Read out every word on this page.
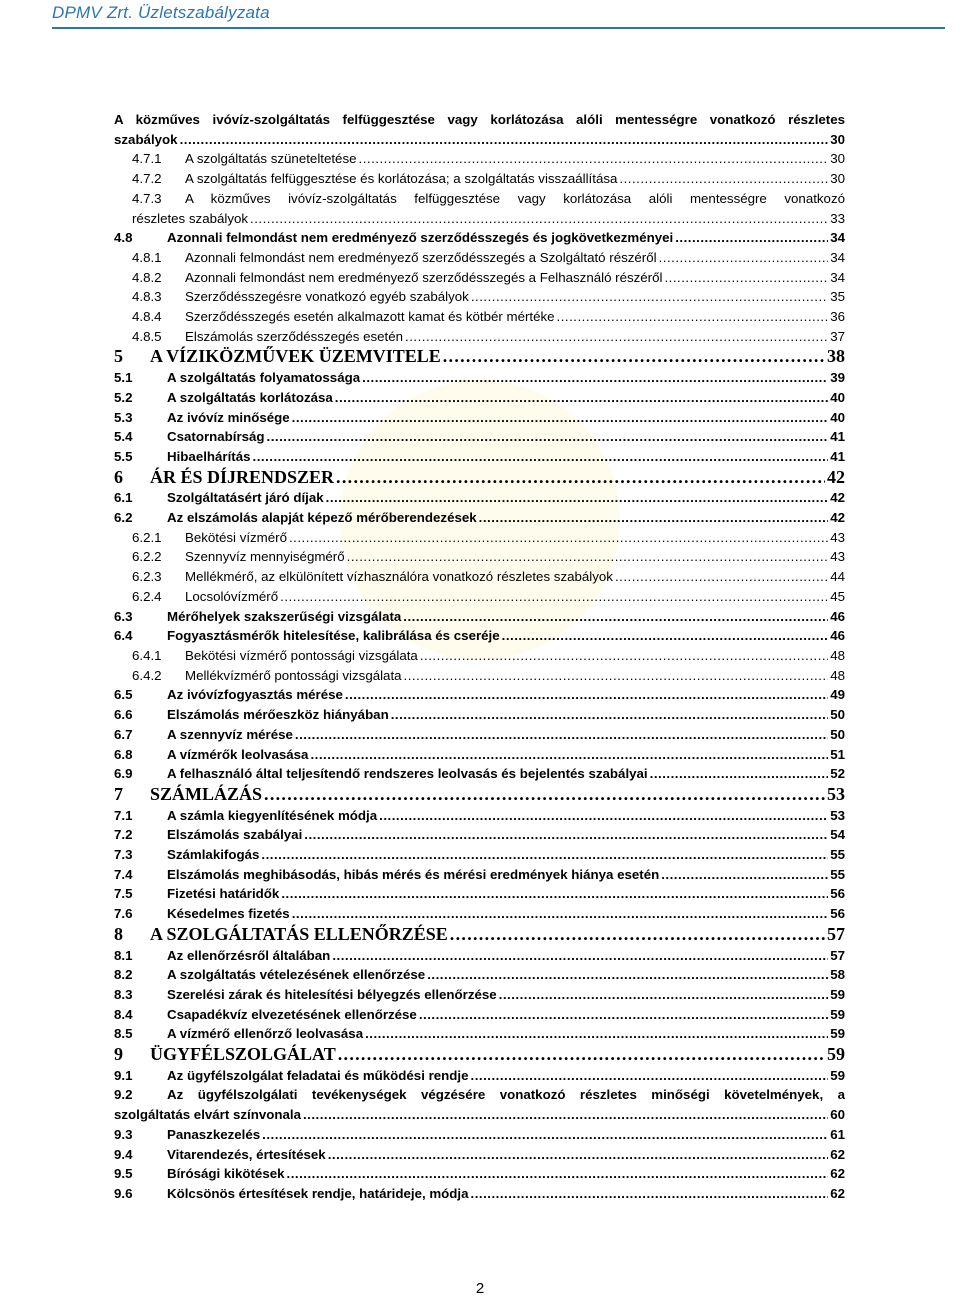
DPMV Zrt. Üzletszabályzata
A közműves ivóvíz-szolgáltatás felfüggesztése vagy korlátozása alóli mentességre vonatkozó részletes
szabályok . . .	30
4.7.1	A szolgáltatás szüneteltetése . . .	30
4.7.2	A szolgáltatás felfüggesztése és korlátozása; a szolgáltatás visszaállítása . . .	30
4.7.3	A közműves ivóvíz-szolgáltatás felfüggesztése vagy korlátozása alóli mentességre vonatkozó
részletes szabályok . . .	33
4.8	Azonnali felmondást nem eredményező szerződésszegés és jogkövetkezményei . . .	34
4.8.1	Azonnali felmondást nem eredményező szerződésszegés a Szolgáltató részéről . . .	34
4.8.2	Azonnali felmondást nem eredményező szerződésszegés a Felhasználó részéről . . .	34
4.8.3	Szerződésszegésre vonatkozó egyéb szabályok . . .	35
4.8.4	Szerződésszegés esetén alkalmazott kamat és kötbér mértéke . . .	36
4.8.5	Elszámolás szerződésszegés esetén . . .	37
5	A VÍZIKÖZMŰVEK ÜZEMVITELE . . .	38
5.1	A szolgáltatás folyamatossága . . .	39
5.2	A szolgáltatás korlátozása . . .	40
5.3	Az ivóvíz minősége . . .	40
5.4	Csatornabírság . . .	41
5.5	Hibaelhárítás . . .	41
6	ÁR ÉS DÍJRENDSZER . . .	42
6.1	Szolgáltatásért járó díjak . . .	42
6.2	Az elszámolás alapját képező mérőberendezések . . .	42
6.2.1	Bekötési vízmérő . . .	43
6.2.2	Szennyvíz mennyiségmérő . . .	43
6.2.3	Mellékmérő, az elkülönített vízhasználóra vonatkozó részletes szabályok . . .	44
6.2.4	Locsolóvízmérő . . .	45
6.3	Mérőhelyek szakszerűségi vizsgálata . . .	46
6.4	Fogyasztásmérők hitelesítése, kalibrálása és cseréje . . .	46
6.4.1	Bekötési vízmérő pontossági vizsgálata . . .	48
6.4.2	Mellékvízmérő pontossági vizsgálata . . .	48
6.5	Az ivóvízfogyasztás mérése . . .	49
6.6	Elszámolás mérőeszköz hiányában . . .	50
6.7	A szennyvíz mérése . . .	50
6.8	A vízmérők leolvasása . . .	51
6.9	A felhasználó által teljesítendő rendszeres leolvasás és bejelentés szabályai . . .	52
7	SZÁMLÁZÁS . . .	53
7.1	A számla kiegyenlítésének módja . . .	53
7.2	Elszámolás szabályai . . .	54
7.3	Számlakifogás . . .	55
7.4	Elszámolás meghibásodás, hibás mérés és mérési eredmények hiánya esetén . . .	55
7.5	Fizetési határidők . . .	56
7.6	Késedelmes fizetés . . .	56
8	A SZOLGÁLTATÁS ELLENŐRZÉSE . . .	57
8.1	Az ellenőrzésről általában . . .	57
8.2	A szolgáltatás vételezésének ellenőrzése . . .	58
8.3	Szerelési zárak és hitelesítési bélyegzés ellenőrzése . . .	59
8.4	Csapadékvíz elvezetésének ellenőrzése . . .	59
8.5	A vízmérő ellenőrző leolvasása . . .	59
9	ÜGYFÉLSZOLGÁLAT . . .	59
9.1	Az ügyfélszolgálat feladatai és működési rendje . . .	59
9.2	Az ügyfélszolgálati tevékenységek végzésére vonatkozó részletes minőségi követelmények, a
szolgáltatás elvárt színvonala . . .	60
9.3	Panaszkezelés . . .	61
9.4	Vitarendezés, értesítések . . .	62
9.5	Bírósági kikötések . . .	62
9.6	Kölcsönös értesítések rendje, határideje, módja . . .	62
2
